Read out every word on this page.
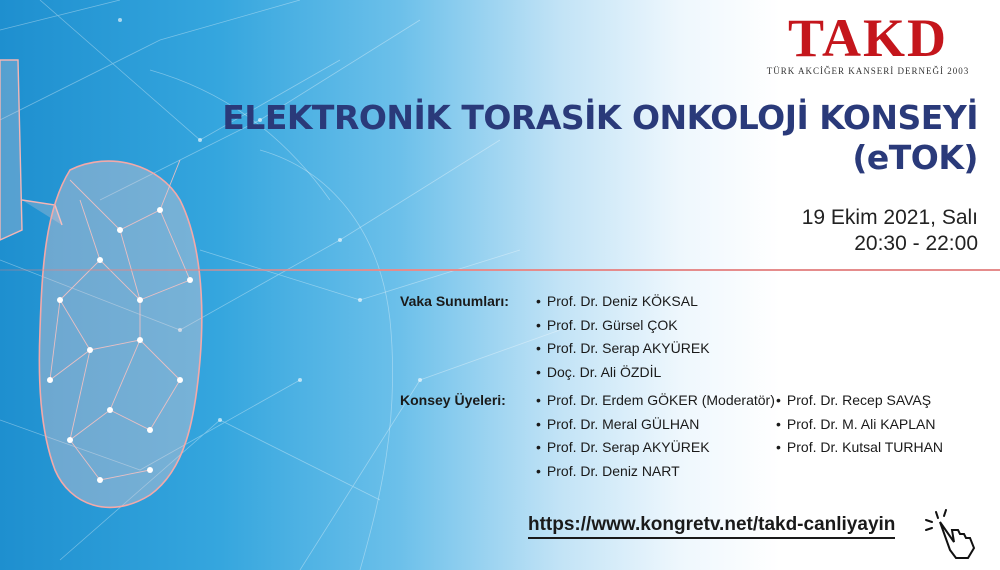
TAKD
TÜRK AKCİĞER KANSERİ DERNEĞİ 2003
ELEKTRONİK TORASİK ONKOLOJİ KONSEYİ
(eTOK)
19 Ekim 2021, Salı
20:30 - 22:00
Vaka Sunumları:	• Prof. Dr. Deniz KÖKSAL
• Prof. Dr. Gürsel ÇOK
• Prof. Dr. Serap AKYÜREK
• Doç. Dr. Ali ÖZDİL
Konsey Üyeleri:	• Prof. Dr. Erdem GÖKER (Moderatör)
• Prof. Dr. Meral GÜLHAN
• Prof. Dr. Serap AKYÜREK
• Prof. Dr. Deniz NART
• Prof. Dr. Recep SAVAŞ
• Prof. Dr. M. Ali KAPLAN
• Prof. Dr. Kutsal TURHAN
https://www.kongretv.net/takd-canliyayin
